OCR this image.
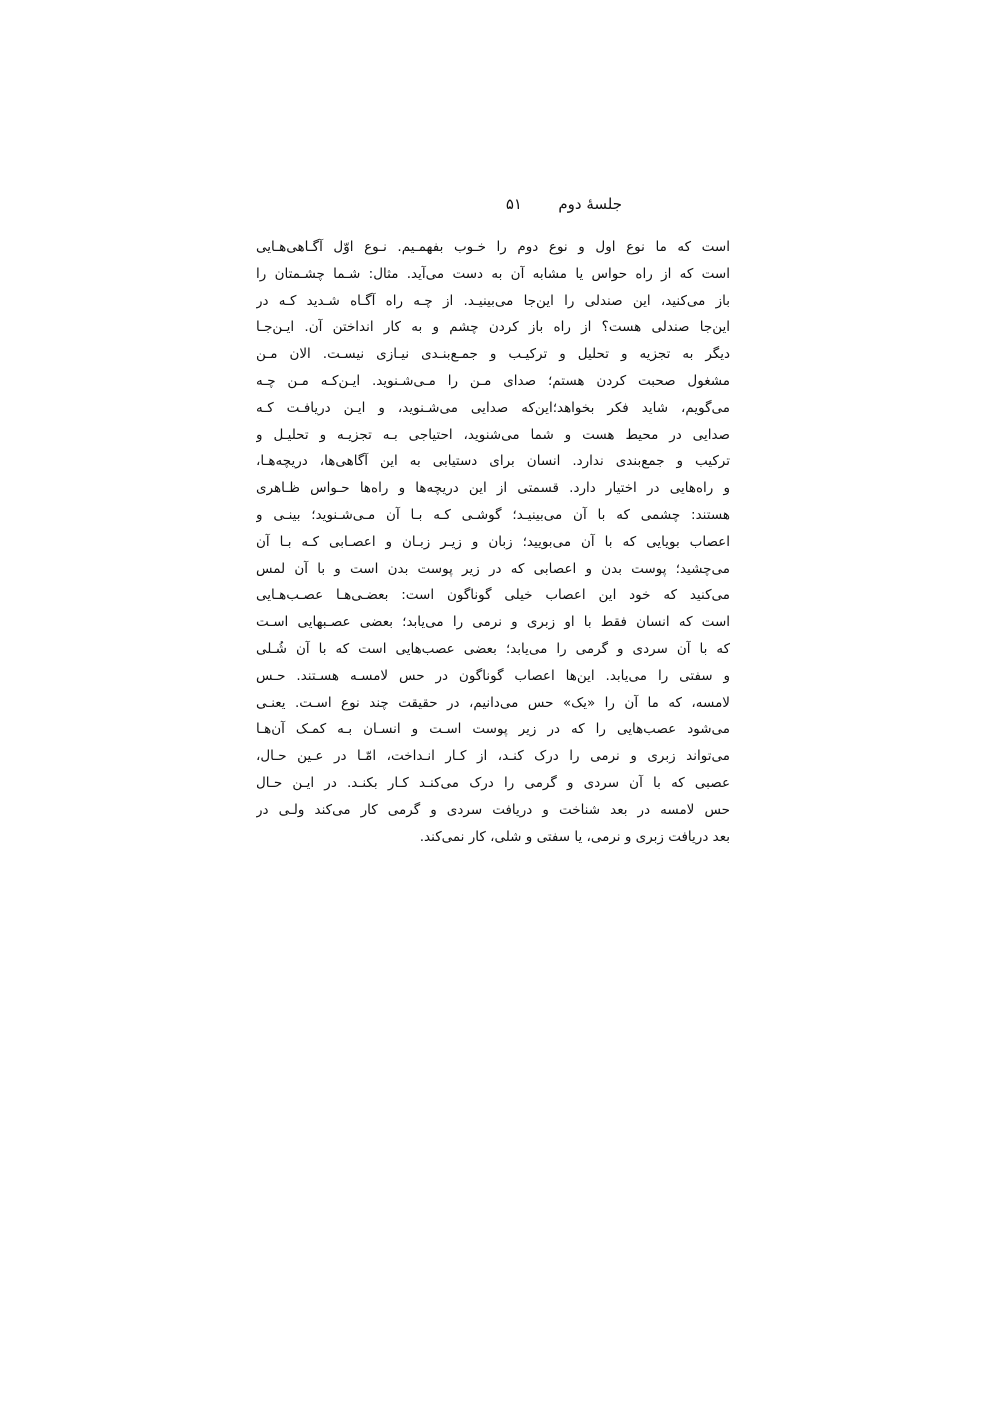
جلسهٔ دوم
۵۱
است که ما نوع اول و نوع دوم را خـوب بفهمـیم. نـوع اوّل آگـاهی‌هـایی
است که از راه حواس یا مشابه آن به دست می‌آید. مثال: شـما چشـمتان را
باز می‌کنید، این صندلی را این‌جا می‌بینیـد. از چـه راه آگـاه شـدید کـه در
این‌جا صندلی هست؟ از راه باز کردن چشم و به کار انداختن آن. ایـن‌جـا
دیگر به تجزیه و تحلیل و ترکیـب و جمـع‌بنـدی نیـازی نیسـت. الان مـن
مشغول صحبت کردن هستم؛ صدای مـن را مـی‌شـنوید. ایـن‌کـه مـن چـه
می‌گویم، شاید فکر بخواهد؛این‌که صدایی می‌شـنوید، و ایـن دریافـت کـه
صدایی در محیط هست و شما می‌شنوید، احتیاجی بـه تجزیـه و تحلیـل و
ترکیب و جمع‌بندی ندارد. انسان برای دستیابی به این آگاهی‌ها، دریچه‌هـا،
و راه‌هایی در اختیار دارد. قسمتی از این دریچه‌ها و راه‌ها حـواس ظـاهری
هستند: چشمی که با آن می‌بینیـد؛ گوشـی کـه بـا آن مـی‌شـنوید؛ بینـی و
اعصاب بویایی که با آن می‌بویید؛ زبان و زیـر زبـان و اعصـابی کـه بـا آن
می‌چشید؛ پوست بدن و اعصابی که در زیر پوست بدن است و با آن لمس
می‌کنید که خود این اعصاب خیلی گوناگون است: بعضـی‌هـا عصـب‌هـایی
است که انسان فقط با او زبری و نرمی را می‌یابد؛ بعضی عصـبهایی اسـت
که با آن سردی و گرمی را می‌یابد؛ بعضی عصب‌هایی است که با آن شُـلی
و سفتی را می‌یابد. این‌ها اعصاب گوناگون در حس لامسـه هسـتند. حـس
لامسه، که ما آن را «یک» حس می‌دانیم، در حقیقت چند نوع اسـت. یعنـی
می‌شود عصب‌هایی را که در زیر پوست اسـت و انسـان بـه کمـک آن‌هـا
می‌تواند زبری و نرمی را درک کنـد، از کـار انـداخت، امّـا در عـین حـال،
عصبی که با آن سردی و گرمی را درک می‌کنـد کـار بکنـد. در ایـن حـال
حس لامسه در بعد شناخت و دریافت سردی و گرمی کار می‌کند ولـی در
بعد دریافت زبری و نرمی، یا سفتی و شلی، کار نمی‌کند.
